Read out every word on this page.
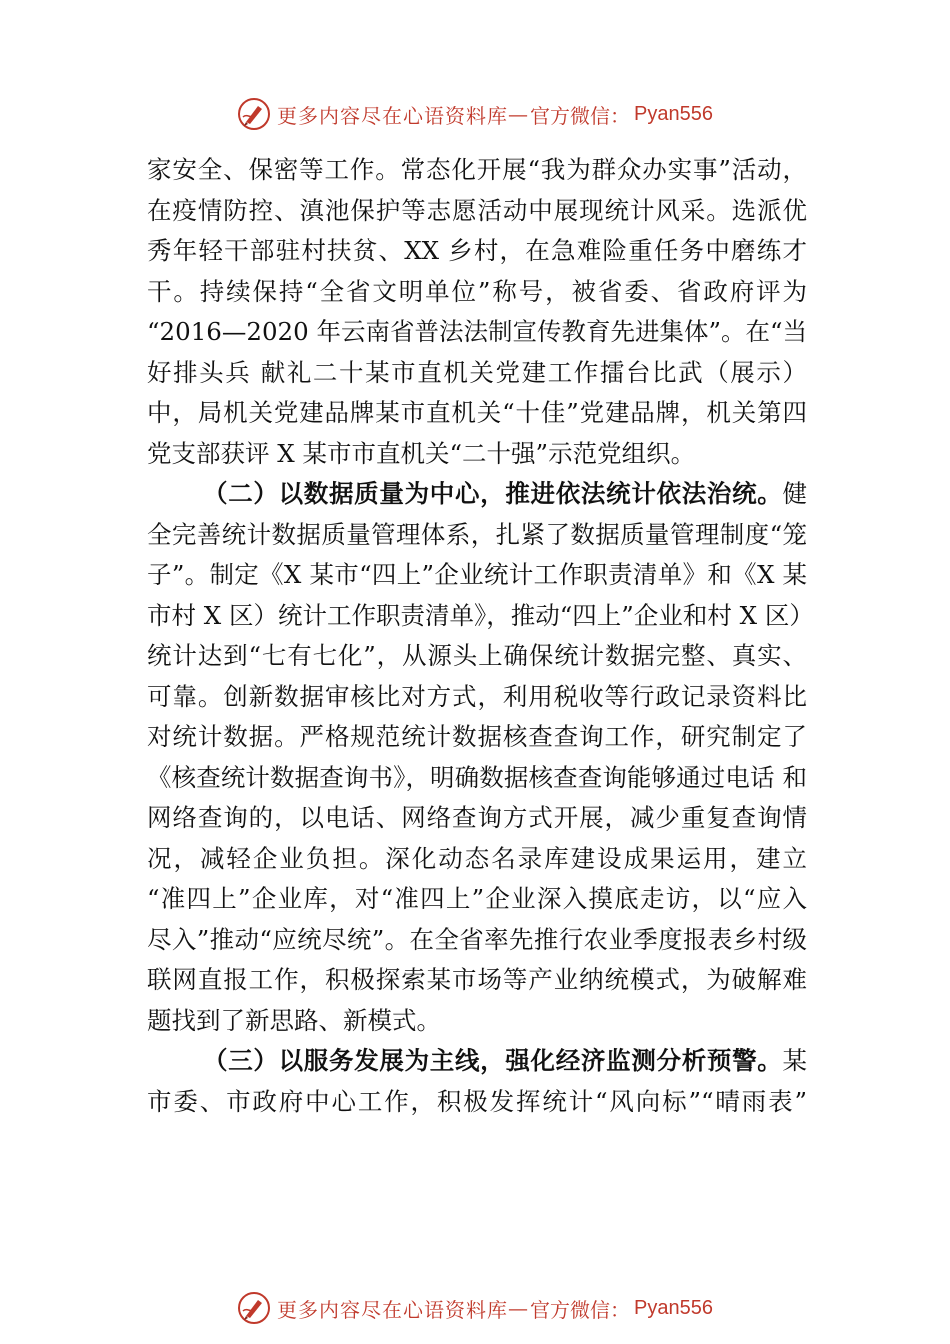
更多内容尽在心语资料库 — 官方微信： Pyan556
家安全、保密等工作。常态化开展“我为群众办实事”活动，
在疫情防控、滇池保护等志愿活动中展现统计风采。选派优
秀年轻干部驻村扶贫、XX 乡村，在急难险重任务中磨练才
干。持续保持“全省文明单位”称号，被省委、省政府评为
“2016—2020 年云南省普法法制宣传教育先进集体”。在“当
好排头兵 献礼二十某市直机关党建工作擂台比武（展示）
中，局机关党建品牌某市直机关“十佳”党建品牌，机关第四
党支部获评 X 某市市直机关“二十强”示范党组织。
（二）以数据质量为中心，推进依法统计依法治统。健
全完善统计数据质量管理体系，扎紧了数据质量管理制度“笼
子”。制定《X 某市“四上”企业统计工作职责清单》和《X 某
市村 X 区）统计工作职责清单》，推动“四上”企业和村 X 区）
统计达到“七有七化”，从源头上确保统计数据完整、真实、
可靠。创新数据审核比对方式，利用税收等行政记录资料比
对统计数据。严格规范统计数据核查查询工作，研究制定了
《核查统计数据查询书》，明确数据核查查询能够通过电话 和
网络查询的，以电话、网络查询方式开展，减少重复查询情
况，减轻企业负担。深化动态名录库建设成果运用，建立
“准四上”企业库，对“准四上”企业深入摸底走访，以“应入
尽入”推动“应统尽统”。在全省率先推行农业季度报表乡村级
联网直报工作，积极探索某市场等产业纳统模式，为破解难
题找到了新思路、新模式。
（三）以服务发展为主线，强化经济监测分析预警。某
市委、市政府中心工作，积极发挥统计“风向标”“晴雨表”
更多内容尽在心语资料库 — 官方微信： Pyan556
